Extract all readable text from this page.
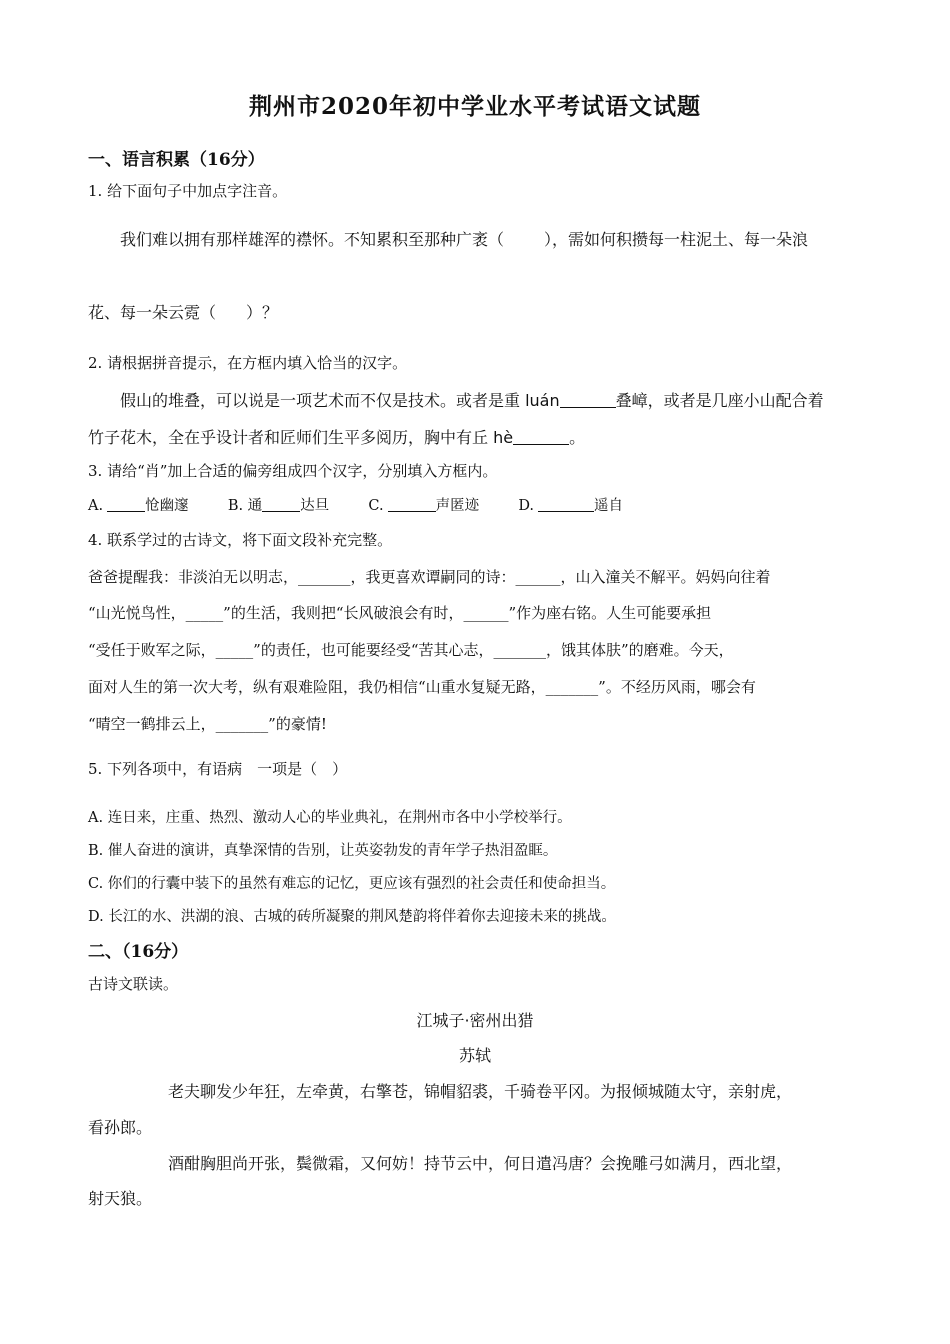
荆州市2020年初中学业水平考试语文试题
一、语言积累（16分）
1. 给下面句子中加点字注音。
我们难以拥有那样雄浑的襟怀。不知累积至那种广袤（	），需如何积攒每一柱泥土、每一朵浪
花、每一朵云霓（ ）？
2. 请根据拼音提示，在方框内填入恰当的汉字。
假山的堆叠，可以说是一项艺术而不仅是技术。或者是重 luán	叠嶂，或者是几座小山配合着
竹子花木，全在乎设计者和匠师们生平多阅历，胸中有丘 hè	。
3. 请给“肖”加上合适的偏旁组成四个汉字，分别填入方框内。
A.	怆幽邃	B. 通	达旦	C.	声匿迹	D.	遥自
4. 联系学过的古诗文，将下面文段补充完整。
爸爸提醒我：非淡泊无以明志，_______，我更喜欢谭嗣同的诗：______，山入潼关不解平。妈妈向往着
“山光悦鸟性，_____”的生活，我则把“长风破浪会有时，______”作为座右铭。人生可能要承担
“受任于败军之际，_____”的责任，也可能要经受“苦其心志，_______，饿其体肤”的磨难。今天，
面对人生的第一次大考，纵有艰难险阻，我仍相信“山重水复疑无路，_______”。不经历风雨，哪会有
“晴空一鹤排云上，_______”的豪情!
5. 下列各项中，有语病　一项是（　）
A. 连日来，庄重、热烈、激动人心的毕业典礼，在荆州市各中小学校举行。
B. 催人奋进的演讲，真挚深情的告别，让英姿勃发的青年学子热泪盈眶。
C. 你们的行囊中装下的虽然有难忘的记忆，更应该有强烈的社会责任和使命担当。
D. 长江的水、洪湖的浪、古城的砖所凝聚的荆风楚韵将伴着你去迎接未来的挑战。
二、（16分）
古诗文联读。
江城子·密州出猎
苏轼
老夫聊发少年狂，左牵黄，右擎苍，锦帽貂裘，千骑卷平冈。为报倾城随太守，亲射虎，
看孙郎。
酒酣胸胆尚开张，鬓微霜，又何妨！持节云中，何日遣冯唐？会挽雕弓如满月，西北望，
射天狼。
